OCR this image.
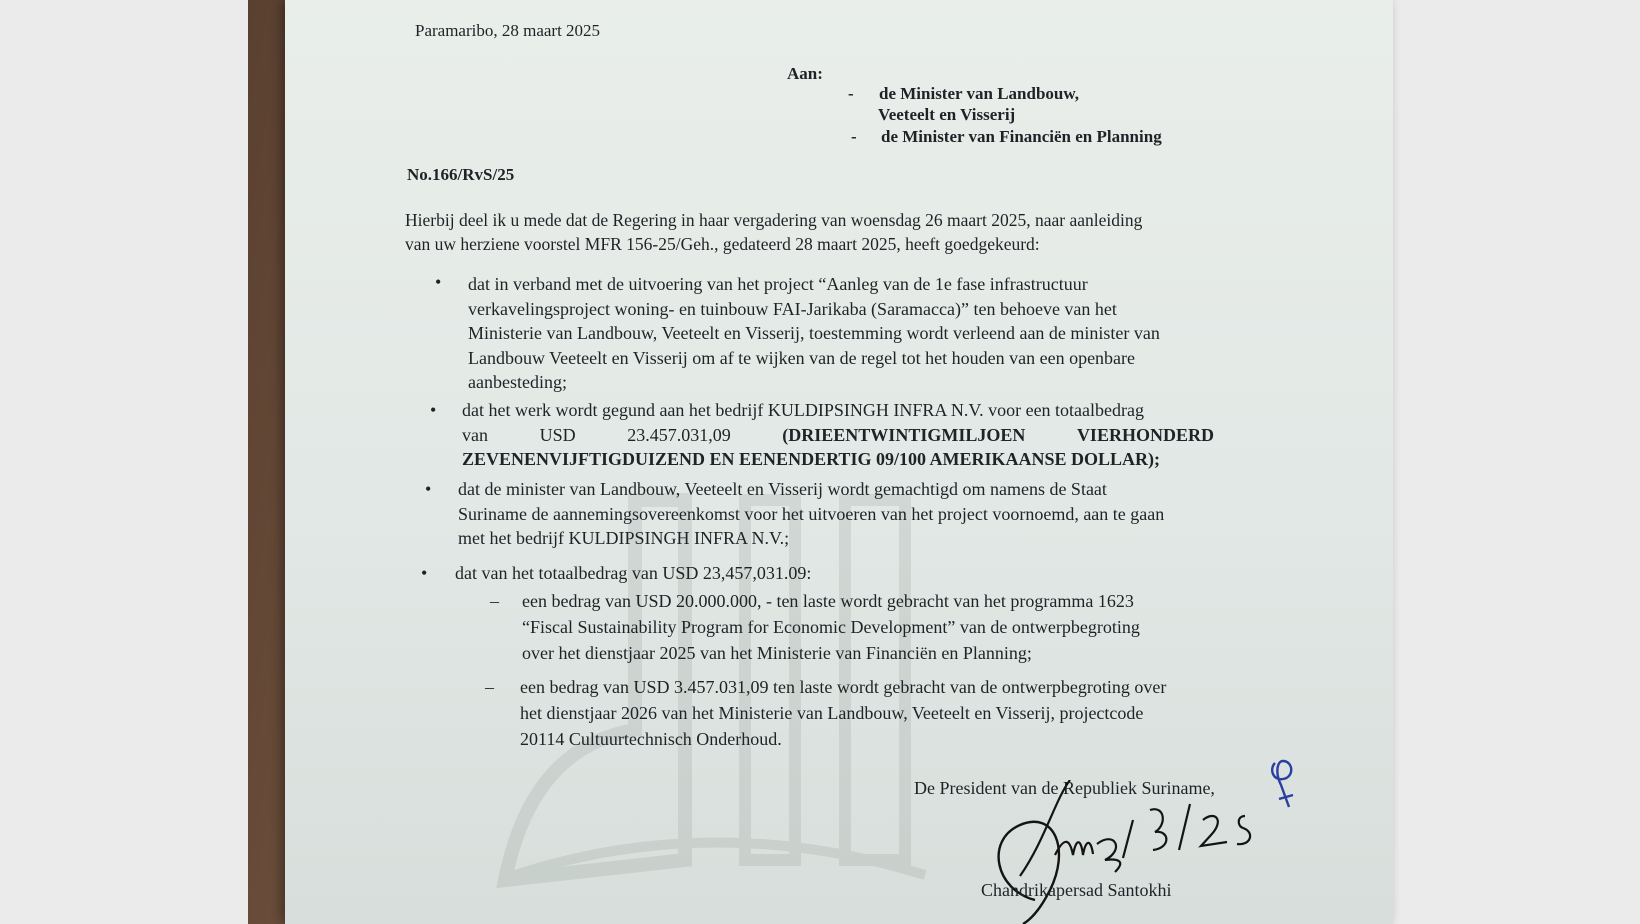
Paramaribo, 28 maart 2025
Aan:
- de Minister van Landbouw,
Veeteelt en Visserij
- de Minister van Financiën en Planning
No.166/RvS/25
Hierbij deel ik u mede dat de Regering in haar vergadering van woensdag 26 maart 2025, naar aanleiding
van uw herziene voorstel MFR 156-25/Geh., gedateerd 28 maart 2025, heeft goedgekeurd:
• dat in verband met de uitvoering van het project “Aanleg van de 1e fase infrastructuur
verkavelingsproject woning- en tuinbouw FAI-Jarikaba (Saramacca)” ten behoeve van het
Ministerie van Landbouw, Veeteelt en Visserij, toestemming wordt verleend aan de minister van
Landbouw Veeteelt en Visserij om af te wijken van de regel tot het houden van een openbare
aanbesteding;
• dat het werk wordt gegund aan het bedrijf KULDIPSINGH INFRA N.V. voor een totaalbedrag
van	USD	23.457.031,09	(DRIEENTWINTIGMILJOEN	VIERHONDERD
ZEVENENVIJFTIGDUIZEND EN EENENDERTIG 09/100 AMERIKAANSE DOLLAR);
• dat de minister van Landbouw, Veeteelt en Visserij wordt gemachtigd om namens de Staat
Suriname de aannemingsovereenkomst voor het uitvoeren van het project voornoemd, aan te gaan
met het bedrijf KULDIPSINGH INFRA N.V.;
• dat van het totaalbedrag van USD 23,457,031.09:
– een bedrag van USD 20.000.000, - ten laste wordt gebracht van het programma 1623
“Fiscal Sustainability Program for Economic Development” van de ontwerpbegroting
over het dienstjaar 2025 van het Ministerie van Financiën en Planning;
– een bedrag van USD 3.457.031,09 ten laste wordt gebracht van de ontwerpbegroting over
het dienstjaar 2026 van het Ministerie van Landbouw, Veeteelt en Visserij, projectcode
20114 Cultuurtechnisch Onderhoud.
De President van de Republiek Suriname,
Chandrikapersad Santokhi
